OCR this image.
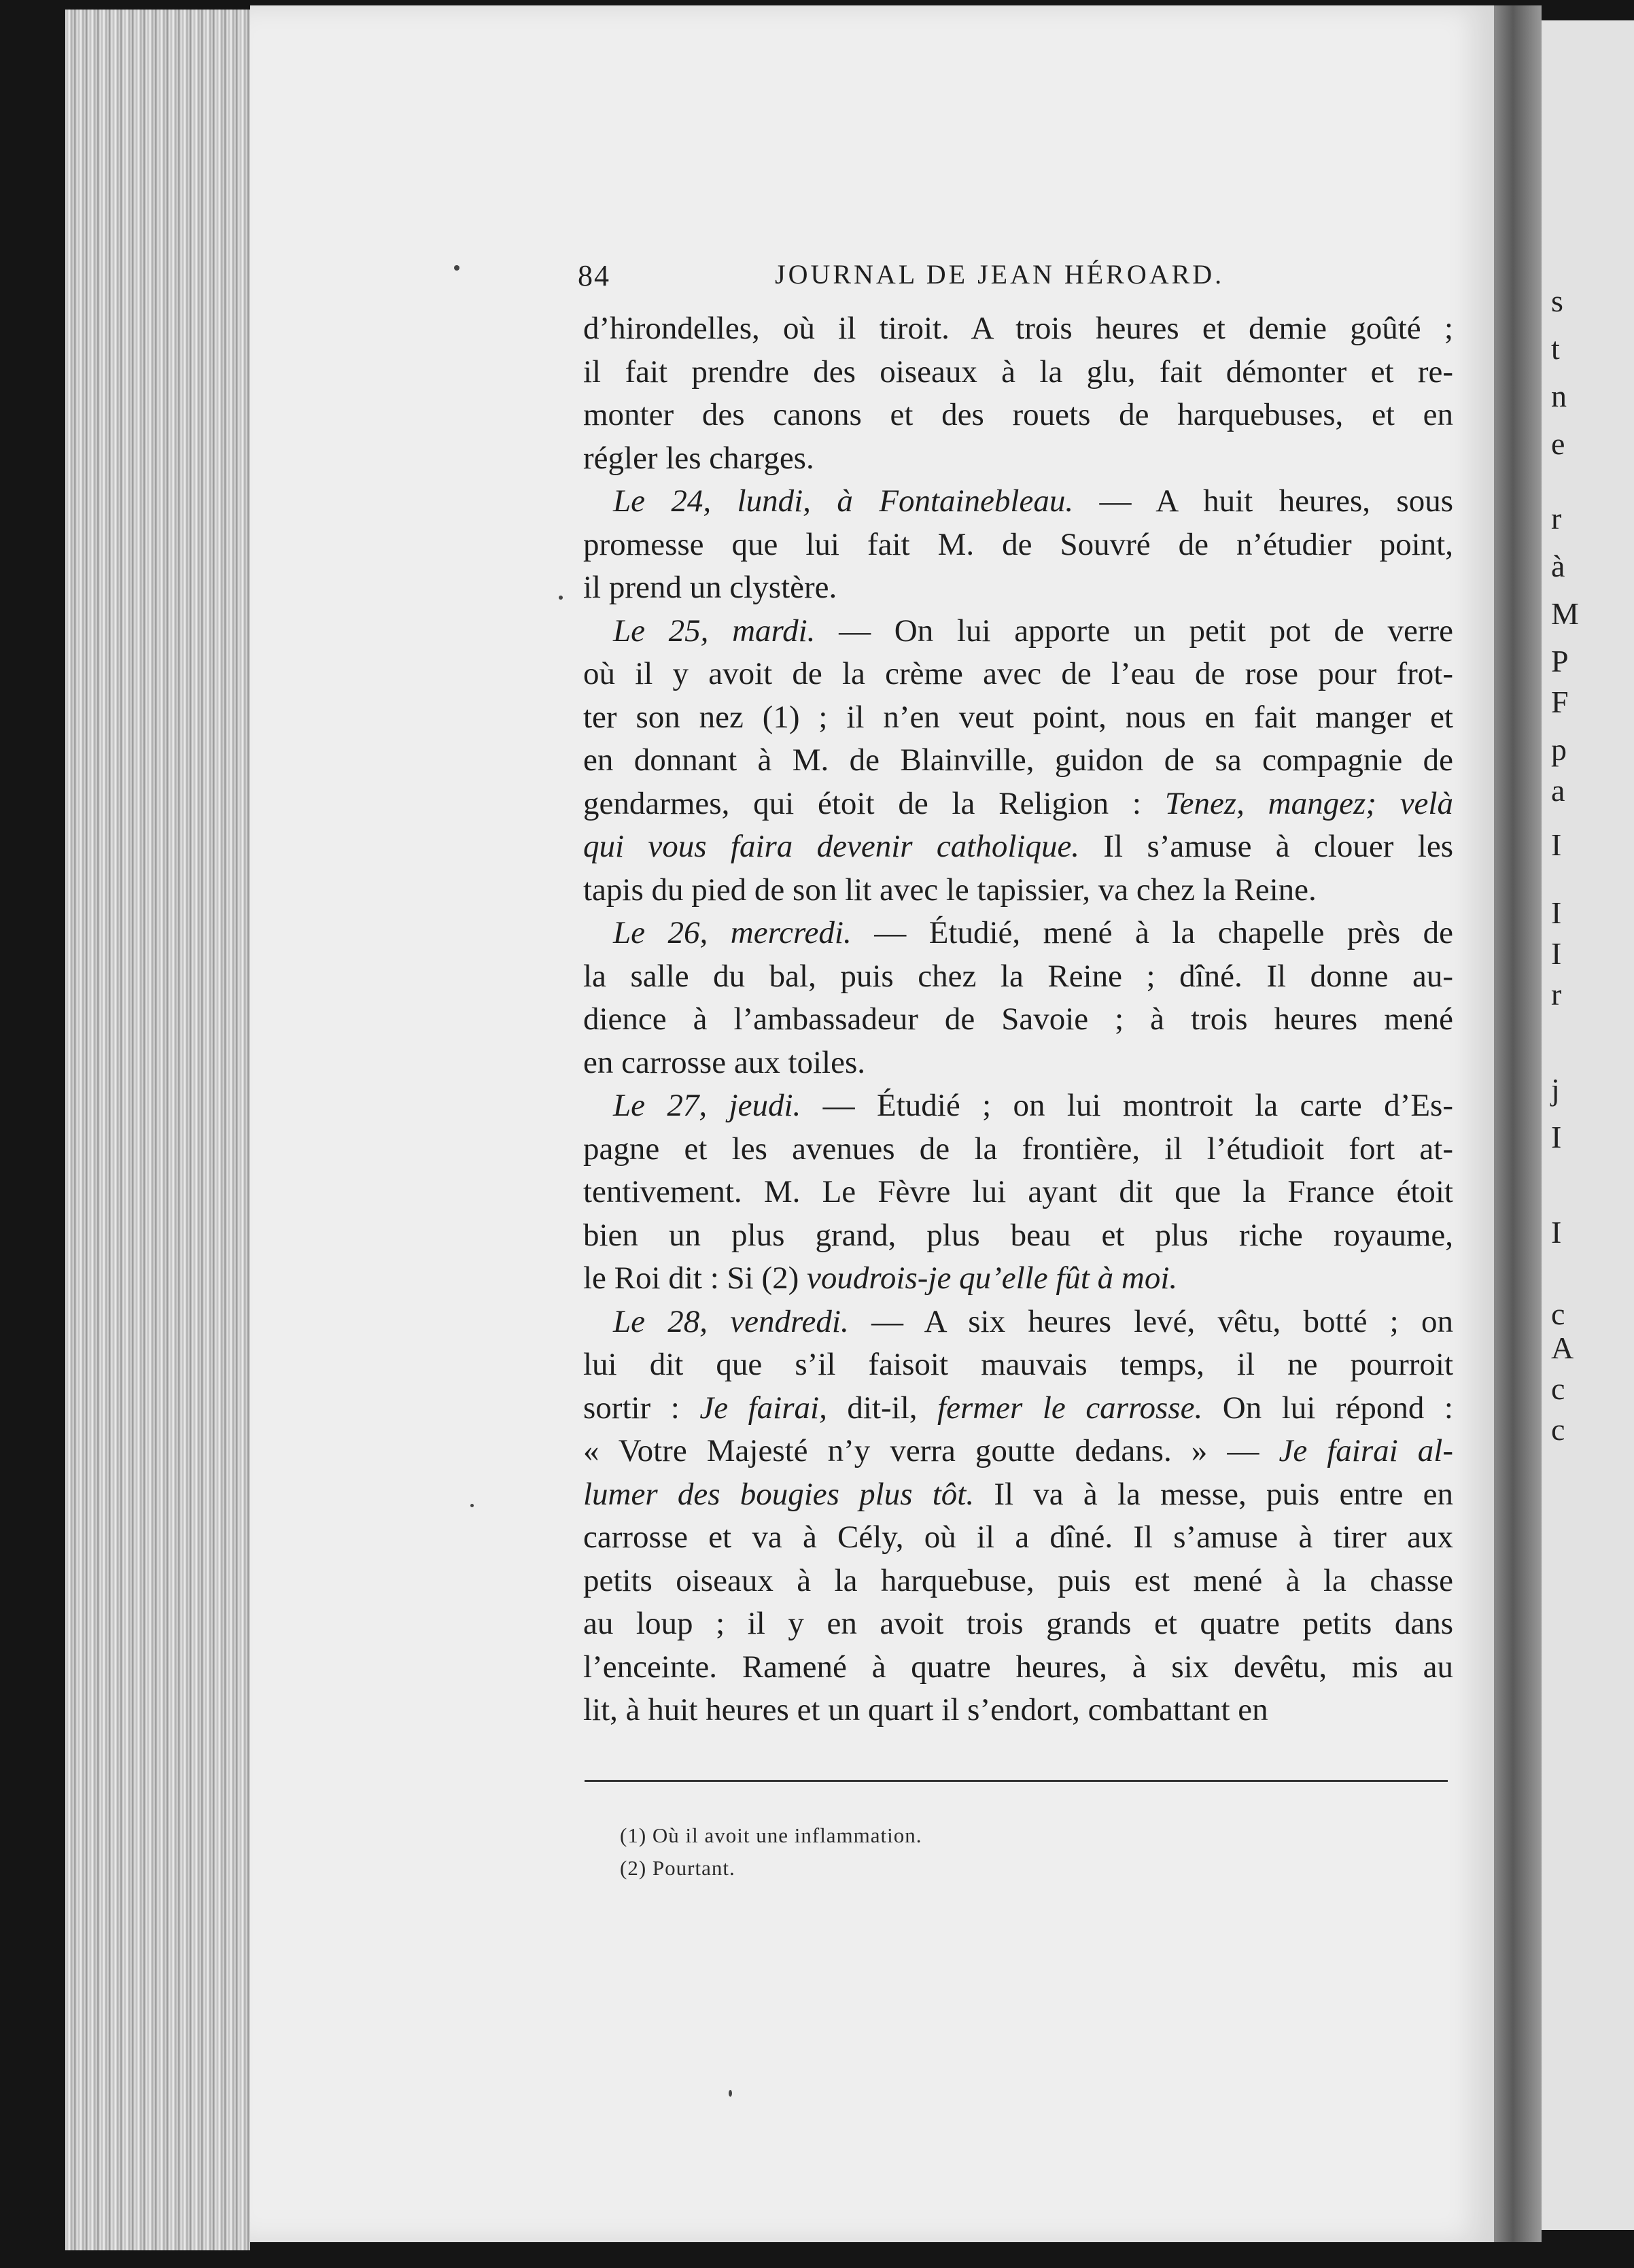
s
t
n
e
r
à
M
P
F
p
a
I
I
I
r
j
I
I
c
A
c
c
84	JOURNAL DE JEAN HÉROARD.
d’hirondelles, où il tiroit. A trois heures et demie goûté ;
il fait prendre des oiseaux à la glu, fait démonter et re-
monter des canons et des rouets de harquebuses, et en
régler les charges.
Le 24, lundi, à Fontainebleau. — A huit heures, sous
promesse que lui fait M. de Souvré de n’étudier point,
il prend un clystère.
Le 25, mardi. — On lui apporte un petit pot de verre
où il y avoit de la crème avec de l’eau de rose pour frot-
ter son nez (1) ; il n’en veut point, nous en fait manger et
en donnant à M. de Blainville, guidon de sa compagnie de
gendarmes, qui étoit de la Religion : Tenez, mangez; velà
qui vous faira devenir catholique. Il s’amuse à clouer les
tapis du pied de son lit avec le tapissier, va chez la Reine.
Le 26, mercredi. — Étudié, mené à la chapelle près de
la salle du bal, puis chez la Reine ; dîné. Il donne au-
dience à l’ambassadeur de Savoie ; à trois heures mené
en carrosse aux toiles.
Le 27, jeudi. — Étudié ; on lui montroit la carte d’Es-
pagne et les avenues de la frontière, il l’étudioit fort at-
tentivement. M. Le Fèvre lui ayant dit que la France étoit
bien un plus grand, plus beau et plus riche royaume,
le Roi dit : Si (2) voudrois-je qu’elle fût à moi.
Le 28, vendredi. — A six heures levé, vêtu, botté ; on
lui dit que s’il faisoit mauvais temps, il ne pourroit
sortir : Je fairai, dit-il, fermer le carrosse. On lui répond :
« Votre Majesté n’y verra goutte dedans. » — Je fairai al-
lumer des bougies plus tôt. Il va à la messe, puis entre en
carrosse et va à Cély, où il a dîné. Il s’amuse à tirer aux
petits oiseaux à la harquebuse, puis est mené à la chasse
au loup ; il y en avoit trois grands et quatre petits dans
l’enceinte. Ramené à quatre heures, à six devêtu, mis au
lit, à huit heures et un quart il s’endort, combattant en
(1) Où il avoit une inflammation.
(2) Pourtant.
